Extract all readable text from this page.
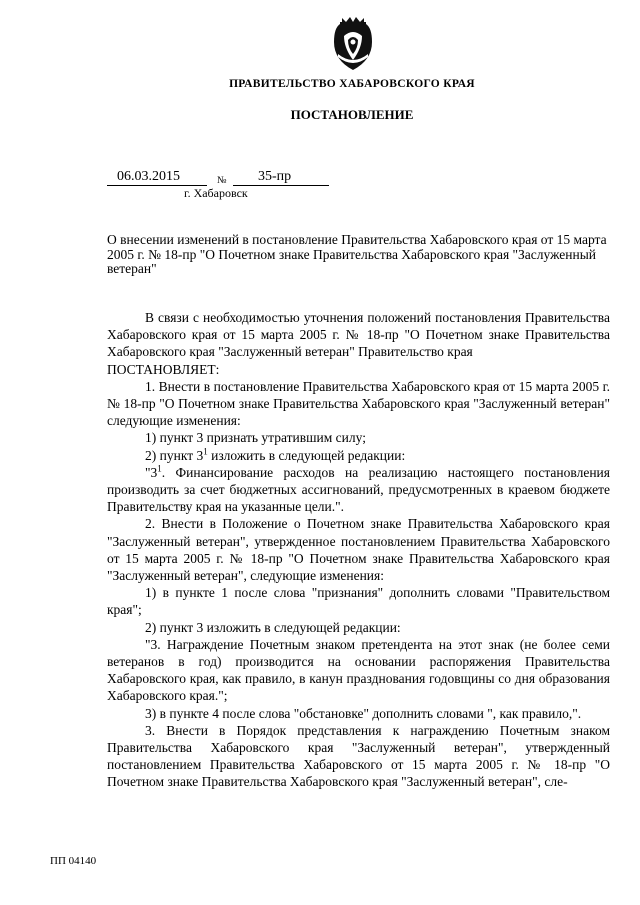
ПРАВИТЕЛЬСТВО ХАБАРОВСКОГО КРАЯ
ПОСТАНОВЛЕНИЕ
06.03.2015	№ 35-пр
г. Хабаровск
О внесении изменений в постановление Правительства Хабаровского края от 15 марта 2005 г. № 18-пр "О Почетном знаке Правительства Хабаровского края "Заслуженный ветеран"

В связи с необходимостью уточнения положений постановления Правительства Хабаровского края от 15 марта 2005 г. № 18-пр "О Почетном знаке Правительства Хабаровского края "Заслуженный ветеран" Правительство края

ПОСТАНОВЛЯЕТ:

1. Внести в постановление Правительства Хабаровского края от 15 марта 2005 г. № 18-пр "О Почетном знаке Правительства Хабаровского края "Заслуженный ветеран" следующие изменения:

1) пункт 3 признать утратившим силу;

2) пункт $3^1$ изложить в следующей редакции:

"$3^1$. Финансирование расходов на реализацию настоящего постановления производить за счет бюджетных ассигнований, предусмотренных в краевом бюджете Правительству края на указанные цели.".

2. Внести в Положение о Почетном знаке Правительства Хабаровского края "Заслуженный ветеран", утвержденное постановлением Правительства Хабаровского от 15 марта 2005 г. № 18-пр "О Почетном знаке Правительства Хабаровского края "Заслуженный ветеран", следующие изменения:

1) в пункте 1 после слова "признания" дополнить словами "Правительством края";

2) пункт 3 изложить в следующей редакции:

"3. Награждение Почетным знаком претендента на этот знак (не более семи ветеранов в год) производится на основании распоряжения Правительства Хабаровского края, как правило, в канун празднования годовщины со дня образования Хабаровского края.";

3) в пункте 4 после слова "обстановке" дополнить словами ", как правило,".

3. Внести в Порядок представления к награждению Почетным знаком Правительства Хабаровского края "Заслуженный ветеран", утвержденный постановлением Правительства Хабаровского от 15 марта 2005 г. № 18-пр "О Почетном знаке Правительства Хабаровского края "Заслуженный ветеран", сле-

ПП 04140
